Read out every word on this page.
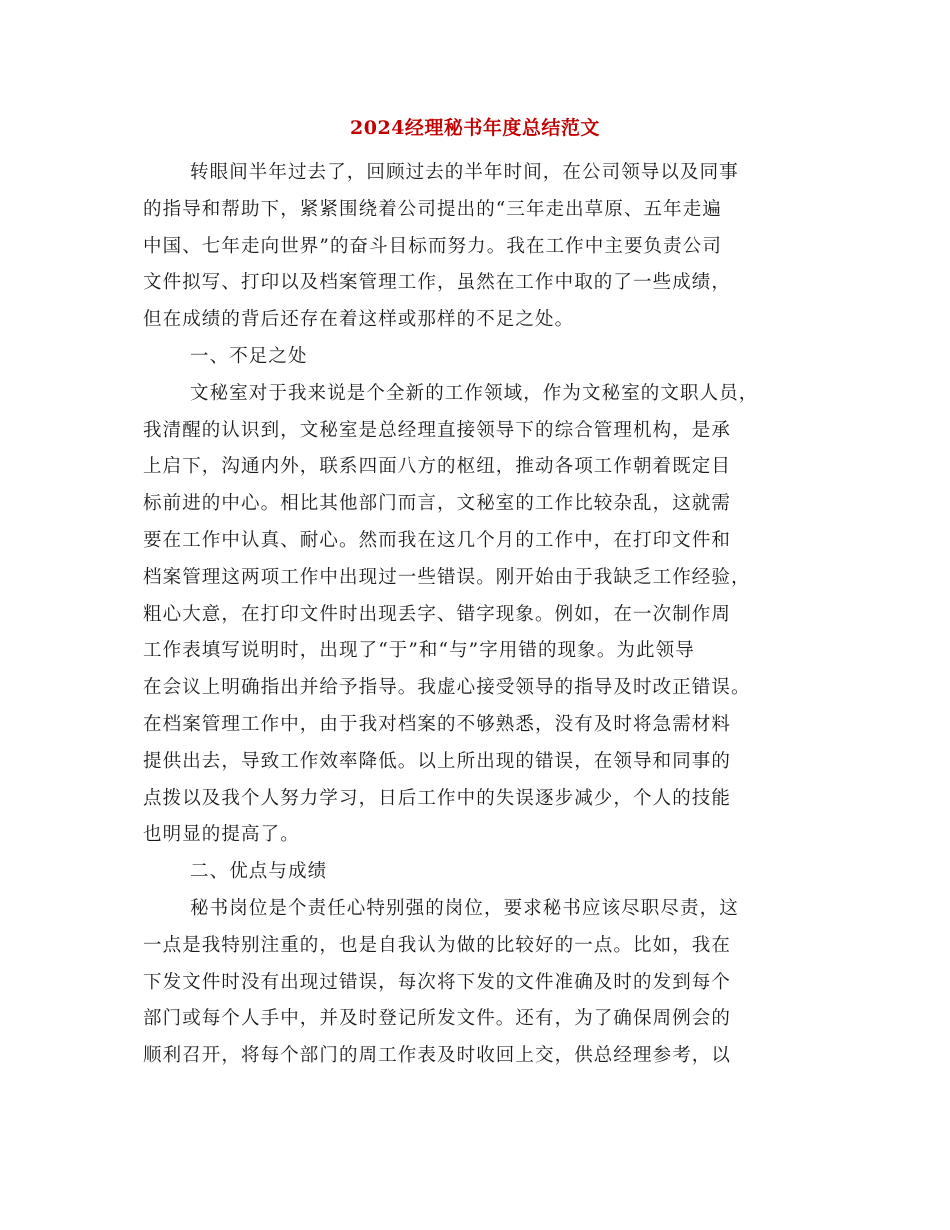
2024经理秘书年度总结范文

转眼间半年过去了，回顾过去的半年时间，在公司领导以及同事
的指导和帮助下，紧紧围绕着公司提出的“三年走出草原、五年走遍
中国、七年走向世界”的奋斗目标而努力。我在工作中主要负责公司
文件拟写、打印以及档案管理工作，虽然在工作中取的了一些成绩，
但在成绩的背后还存在着这样或那样的不足之处。

一、不足之处

文秘室对于我来说是个全新的工作领域，作为文秘室的文职人员，
我清醒的认识到，文秘室是总经理直接领导下的综合管理机构，是承
上启下，沟通内外，联系四面八方的枢纽，推动各项工作朝着既定目
标前进的中心。相比其他部门而言，文秘室的工作比较杂乱，这就需
要在工作中认真、耐心。然而我在这几个月的工作中，在打印文件和
档案管理这两项工作中出现过一些错误。刚开始由于我缺乏工作经验，
粗心大意，在打印文件时出现丢字、错字现象。例如，在一次制作周
工作表填写说明时，出现了“于”和“与”字用错的现象。为此领导
在会议上明确指出并给予指导。我虚心接受领导的指导及时改正错误。
在档案管理工作中，由于我对档案的不够熟悉，没有及时将急需材料
提供出去，导致工作效率降低。以上所出现的错误，在领导和同事的
点拨以及我个人努力学习，日后工作中的失误逐步减少，个人的技能
也明显的提高了。

二、优点与成绩

秘书岗位是个责任心特别强的岗位，要求秘书应该尽职尽责，这
一点是我特别注重的，也是自我认为做的比较好的一点。比如，我在
下发文件时没有出现过错误，每次将下发的文件准确及时的发到每个
部门或每个人手中，并及时登记所发文件。还有，为了确保周例会的
顺利召开，将每个部门的周工作表及时收回上交，供总经理参考，以
